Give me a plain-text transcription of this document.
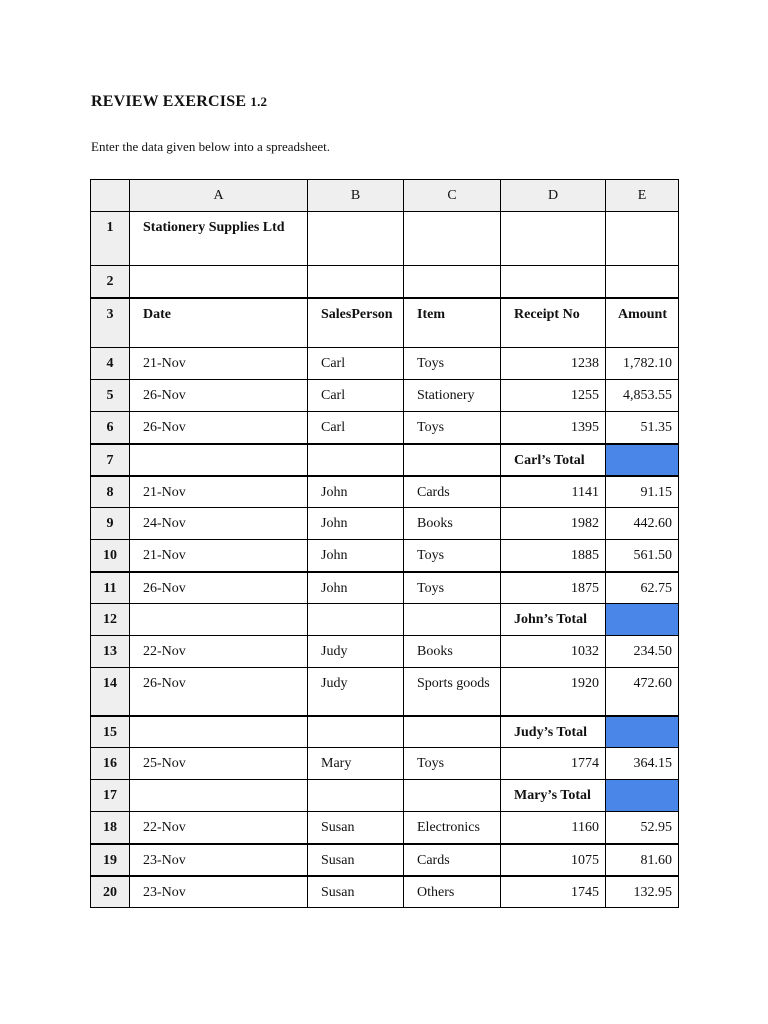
REVIEW EXERCISE 1.2

Enter the data given below into a spreadsheet.

	A	B	C	D	E
1	Stationery Supplies Ltd				
2					
3	Date	SalesPerson	Item	Receipt No	Amount
4	21-Nov	Carl	Toys	1238	1,782.10
5	26-Nov	Carl	Stationery	1255	4,853.55
6	26-Nov	Carl	Toys	1395	51.35
7				Carl’s Total	
8	21-Nov	John	Cards	1141	91.15
9	24-Nov	John	Books	1982	442.60
10	21-Nov	John	Toys	1885	561.50
11	26-Nov	John	Toys	1875	62.75
12				John’s Total	
13	22-Nov	Judy	Books	1032	234.50
14	26-Nov	Judy	Sports goods	1920	472.60
15				Judy’s Total	
16	25-Nov	Mary	Toys	1774	364.15
17				Mary’s Total	
18	22-Nov	Susan	Electronics	1160	52.95
19	23-Nov	Susan	Cards	1075	81.60
20	23-Nov	Susan	Others	1745	132.95
